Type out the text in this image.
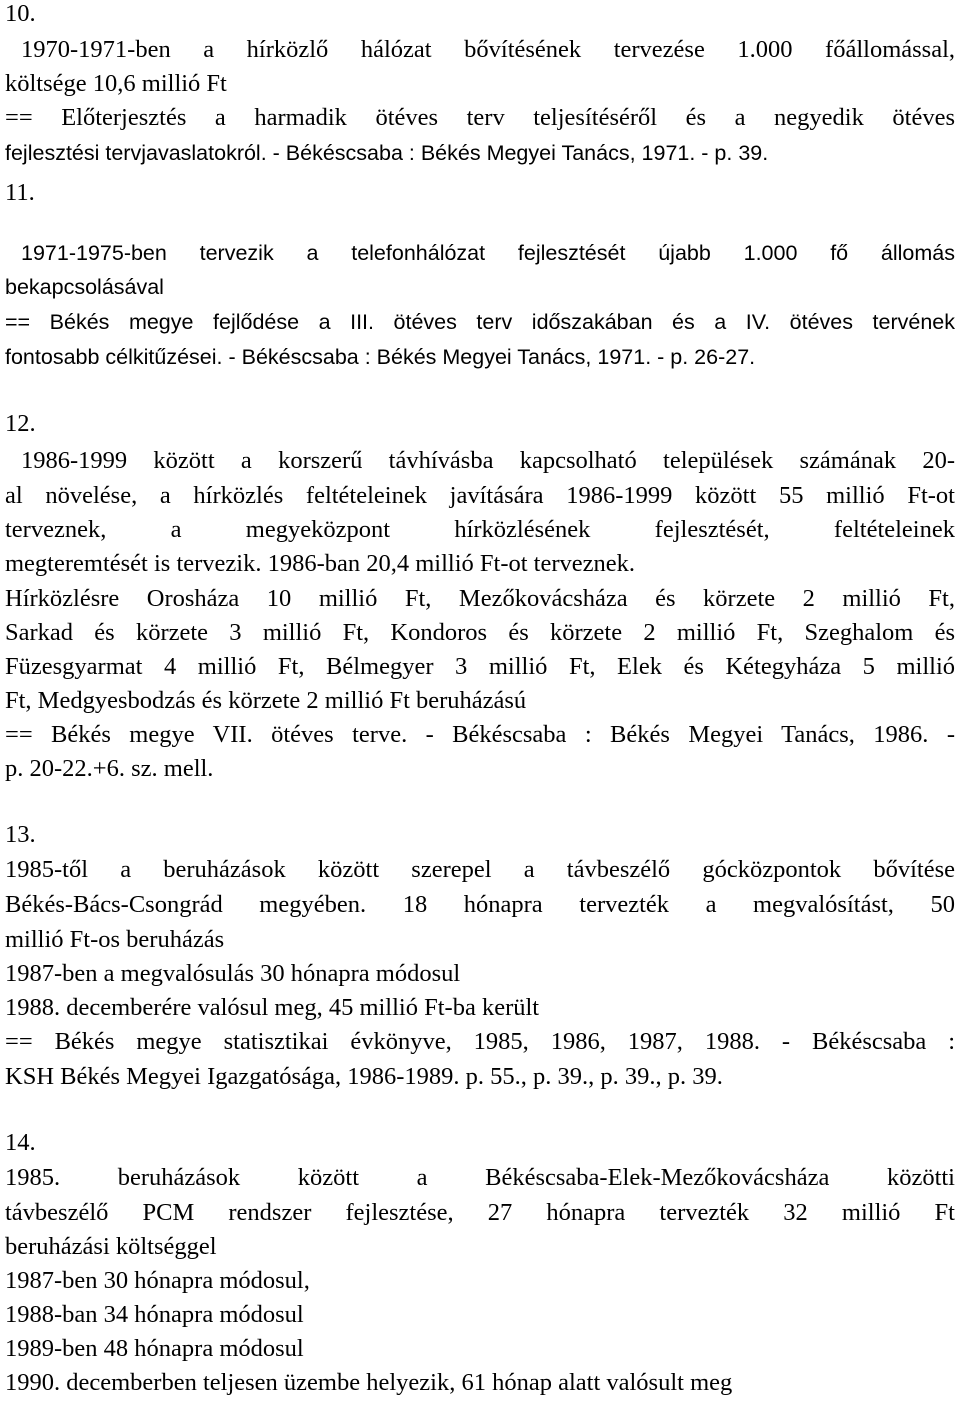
10.
1970-1971-ben a hírközlő hálózat bővítésének tervezése 1.000 főállomással,
költsége 10,6 millió Ft
== Előterjesztés a harmadik ötéves terv teljesítéséről és a negyedik ötéves
fejlesztési tervjavaslatokról. - Békéscsaba : Békés Megyei Tanács, 1971. - p. 39.
11.
1971-1975-ben tervezik a telefonhálózat fejlesztését újabb 1.000 fő állomás
bekapcsolásával
== Békés megye fejlődése a III. ötéves terv időszakában és a IV. ötéves tervének
fontosabb célkitűzései. - Békéscsaba : Békés Megyei Tanács, 1971. - p. 26-27.
12.
1986-1999 között a korszerű távhívásba kapcsolható települések számának 20-
al növelése, a hírközlés feltételeinek javítására 1986-1999 között 55 millió Ft-ot
terveznek, a megyeközpont hírközlésének fejlesztését, feltételeinek
megteremtését is tervezik. 1986-ban 20,4 millió Ft-ot terveznek.
Hírközlésre Orosháza 10 millió Ft, Mezőkovácsháza és körzete 2 millió Ft,
Sarkad és körzete 3 millió Ft, Kondoros és körzete 2 millió Ft, Szeghalom és
Füzesgyarmat 4 millió Ft, Bélmegyer 3 millió Ft, Elek és Kétegyháza 5 millió
Ft, Medgyesbodzás és körzete 2 millió Ft beruházású
== Békés megye VII. ötéves terve. - Békéscsaba : Békés Megyei Tanács, 1986. -
p. 20-22.+6. sz. mell.
13.
1985-től a beruházások között szerepel a távbeszélő gócközpontok bővítése
Békés-Bács-Csongrád megyében. 18 hónapra tervezték a megvalósítást, 50
millió Ft-os beruházás
1987-ben a megvalósulás 30 hónapra módosul
1988. decemberére valósul meg, 45 millió Ft-ba került
== Békés megye statisztikai évkönyve, 1985, 1986, 1987, 1988. - Békéscsaba :
KSH Békés Megyei Igazgatósága, 1986-1989. p. 55., p. 39., p. 39., p. 39.
14.
1985. beruházások között a Békéscsaba-Elek-Mezőkovácsháza közötti
távbeszélő PCM rendszer fejlesztése, 27 hónapra tervezték 32 millió Ft
beruházási költséggel
1987-ben 30 hónapra módosul,
1988-ban 34 hónapra módosul
1989-ben 48 hónapra módosul
1990. decemberben teljesen üzembe helyezik, 61 hónap alatt valósult meg
